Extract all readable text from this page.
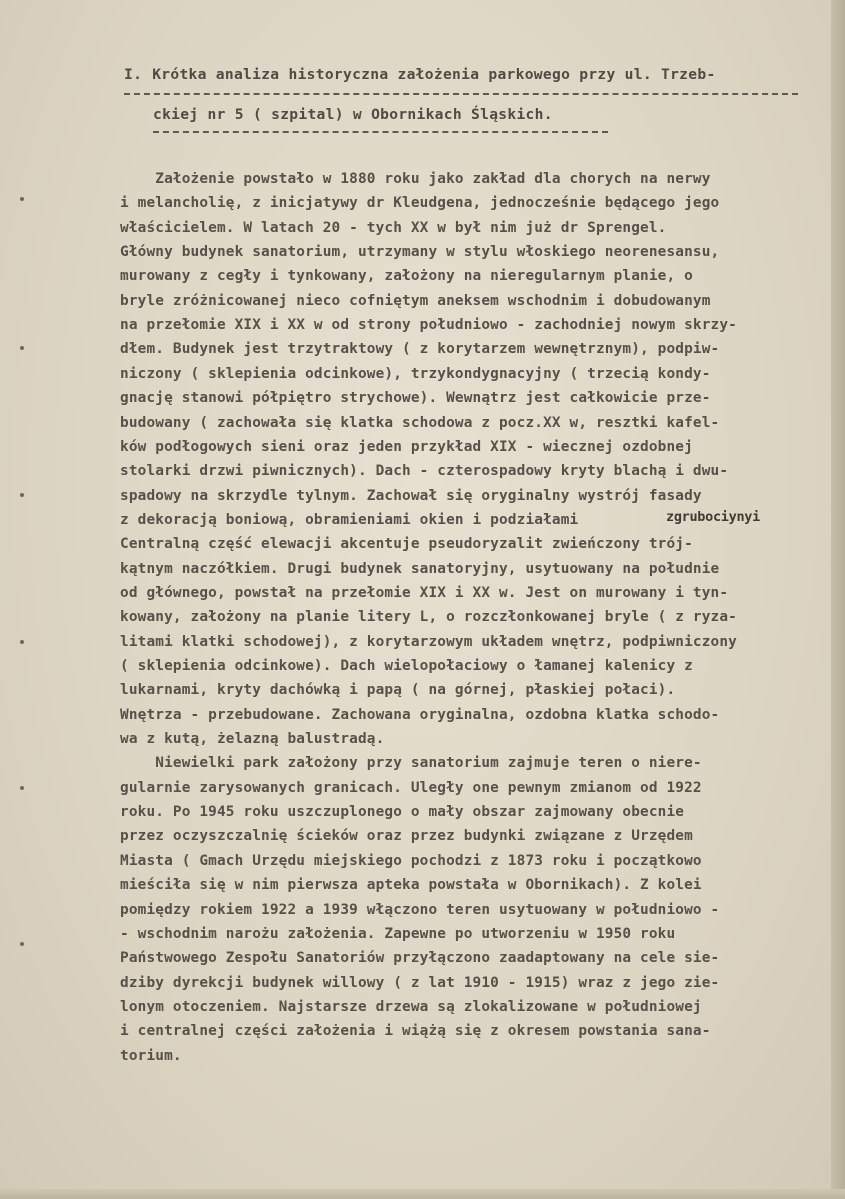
I. Krótka analiza historyczna założenia parkowego przy ul. Trzeb-
ckiej nr 5 ( szpital) w Obornikach Śląskich.
Założenie powstało w 1880 roku jako zakład dla chorych na nerwy
i melancholię, z inicjatywy dr Kleudgena, jednocześnie będącego jego
właścicielem. W latach 20 - tych XX w był nim już dr Sprengel.
Główny budynek sanatorium, utrzymany w stylu włoskiego neorenesansu,
murowany z cegły i tynkowany, założony na nieregularnym planie, o
bryle zróżnicowanej nieco cofniętym aneksem wschodnim i dobudowanym
na przełomie XIX i XX w od strony południowo - zachodniej nowym skrzy-
dłem. Budynek jest trzytraktowy ( z korytarzem wewnętrznym), podpiw-
niczony ( sklepienia odcinkowe), trzykondygnacyjny ( trzecią kondy-
gnację stanowi półpiętro strychowe). Wewnątrz jest całkowicie prze-
budowany ( zachowała się klatka schodowa z pocz.XX w, resztki kafel-
ków podłogowych sieni oraz jeden przykład XIX - wiecznej ozdobnej
stolarki drzwi piwnicznych). Dach - czterospadowy kryty blachą i dwu-
spadowy na skrzydle tylnym. Zachował się oryginalny wystrój fasady
z dekoracją boniową, obramieniami okien i podziałami
Centralną część elewacji akcentuje pseudoryzalit zwieńczony trój-
kątnym naczółkiem. Drugi budynek sanatoryjny, usytuowany na południe
od głównego, powstał na przełomie XIX i XX w. Jest on murowany i tyn-
kowany, założony na planie litery L, o rozczłonkowanej bryle ( z ryza-
litami klatki schodowej), z korytarzowym układem wnętrz, podpiwniczony
( sklepienia odcinkowe). Dach wielopołaciowy o łamanej kalenicy z
lukarnami, kryty dachówką i papą ( na górnej, płaskiej połaci).
Wnętrza - przebudowane. Zachowana oryginalna, ozdobna klatka schodo-
wa z kutą, żelazną balustradą.
Niewielki park założony przy sanatorium zajmuje teren o niere-
gularnie zarysowanych granicach. Uległy one pewnym zmianom od 1922
roku. Po 1945 roku uszczuplonego o mały obszar zajmowany obecnie
przez oczyszczalnię ścieków oraz przez budynki związane z Urzędem
Miasta ( Gmach Urzędu miejskiego pochodzi z 1873 roku i początkowo
mieściła się w nim pierwsza apteka powstała w Obornikach). Z kolei
pomiędzy rokiem 1922 a 1939 włączono teren usytuowany w południowo -
- wschodnim narożu założenia. Zapewne po utworzeniu w 1950 roku
Państwowego Zespołu Sanatoriów przyłączono zaadaptowany na cele sie-
dziby dyrekcji budynek willowy ( z lat 1910 - 1915) wraz z jego zie-
lonym otoczeniem. Najstarsze drzewa są zlokalizowane w południowej
i centralnej części założenia i wiążą się z okresem powstania sana-
torium.
zgrubociynyi
